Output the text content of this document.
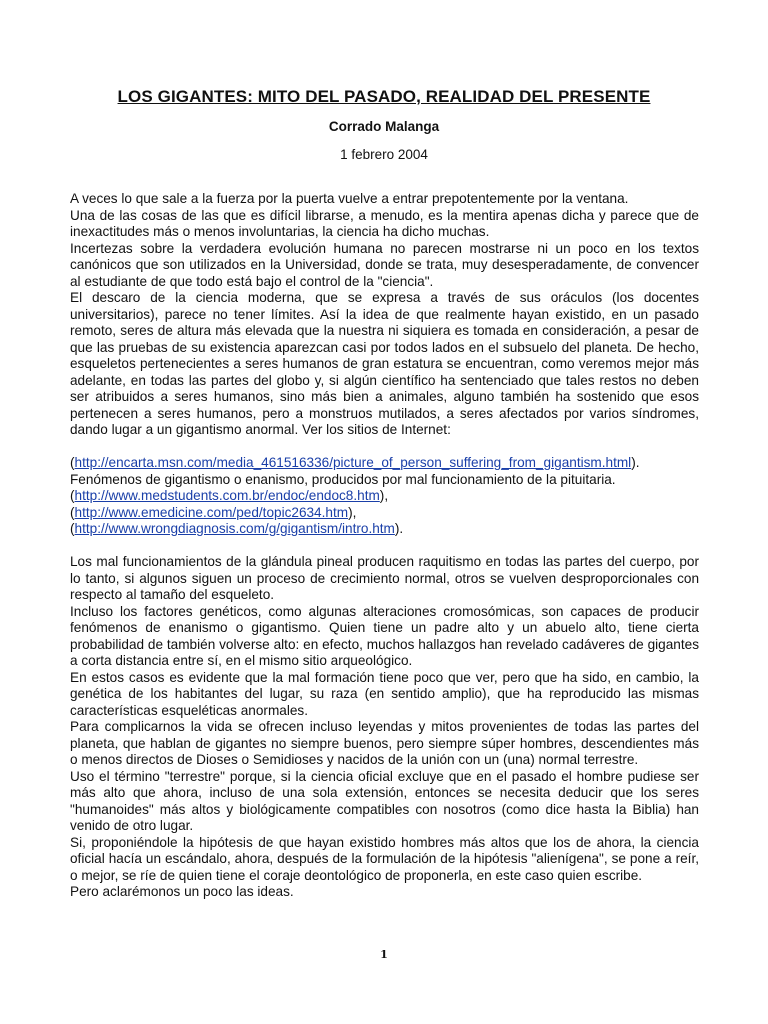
LOS GIGANTES: MITO DEL PASADO, REALIDAD DEL PRESENTE
Corrado Malanga
1 febrero 2004

A veces lo que sale a la fuerza por la puerta vuelve a entrar prepotentemente por la ventana.

Una de las cosas de las que es difícil librarse, a menudo, es la mentira apenas dicha y parece que de inexactitudes más o menos involuntarias, la ciencia ha dicho muchas.

Incertezas sobre la verdadera evolución humana no parecen mostrarse ni un poco en los textos canónicos que son utilizados en la Universidad, donde se trata, muy desesperadamente, de convencer al estudiante de que todo está bajo el control de la "ciencia".

El descaro de la ciencia moderna, que se expresa a través de sus oráculos (los docentes universitarios), parece no tener límites. Así la idea de que realmente hayan existido, en un pasado remoto, seres de altura más elevada que la nuestra ni siquiera es tomada en consideración, a pesar de que las pruebas de su existencia aparezcan casi por todos lados en el subsuelo del planeta. De hecho, esqueletos pertenecientes a seres humanos de gran estatura se encuentran, como veremos mejor más adelante, en todas las partes del globo y, si algún científico ha sentenciado que tales restos no deben ser atribuidos a seres humanos, sino más bien a animales, alguno también ha sostenido que esos pertenecen a seres humanos, pero a monstruos mutilados, a seres afectados por varios síndromes, dando lugar a un gigantismo anormal. Ver los sitios de Internet:

(http://encarta.msn.com/media_461516336/picture_of_person_suffering_from_gigantism.html).

Fenómenos de gigantismo o enanismo, producidos por mal funcionamiento de la pituitaria.

(http://www.medstudents.com.br/endoc/endoc8.htm),

(http://www.emedicine.com/ped/topic2634.htm),

(http://www.wrongdiagnosis.com/g/gigantism/intro.htm).

Los mal funcionamientos de la glándula pineal producen raquitismo en todas las partes del cuerpo, por lo tanto, si algunos siguen un proceso de crecimiento normal, otros se vuelven desproporcionales con respecto al tamaño del esqueleto.

Incluso los factores genéticos, como algunas alteraciones cromosómicas, son capaces de producir fenómenos de enanismo o gigantismo. Quien tiene un padre alto y un abuelo alto, tiene cierta probabilidad de también volverse alto: en efecto, muchos hallazgos han revelado cadáveres de gigantes a corta distancia entre sí, en el mismo sitio arqueológico.

En estos casos es evidente que la mal formación tiene poco que ver, pero que ha sido, en cambio, la genética de los habitantes del lugar, su raza (en sentido amplio), que ha reproducido las mismas características esqueléticas anormales.

Para complicarnos la vida se ofrecen incluso leyendas y mitos provenientes de todas las partes del planeta, que hablan de gigantes no siempre buenos, pero siempre súper hombres, descendientes más o menos directos de Dioses o Semidioses y nacidos de la unión con un (una) normal terrestre.

Uso el término "terrestre" porque, si la ciencia oficial excluye que en el pasado el hombre pudiese ser más alto que ahora, incluso de una sola extensión, entonces se necesita deducir que los seres "humanoides" más altos y biológicamente compatibles con nosotros (como dice hasta la Biblia) han venido de otro lugar.

Si, proponiéndole la hipótesis de que hayan existido hombres más altos que los de ahora, la ciencia oficial hacía un escándalo, ahora, después de la formulación de la hipótesis "alienígena", se pone a reír, o mejor, se ríe de quien tiene el coraje deontológico de proponerla, en este caso quien escribe.

Pero aclarémonos un poco las ideas.

1
